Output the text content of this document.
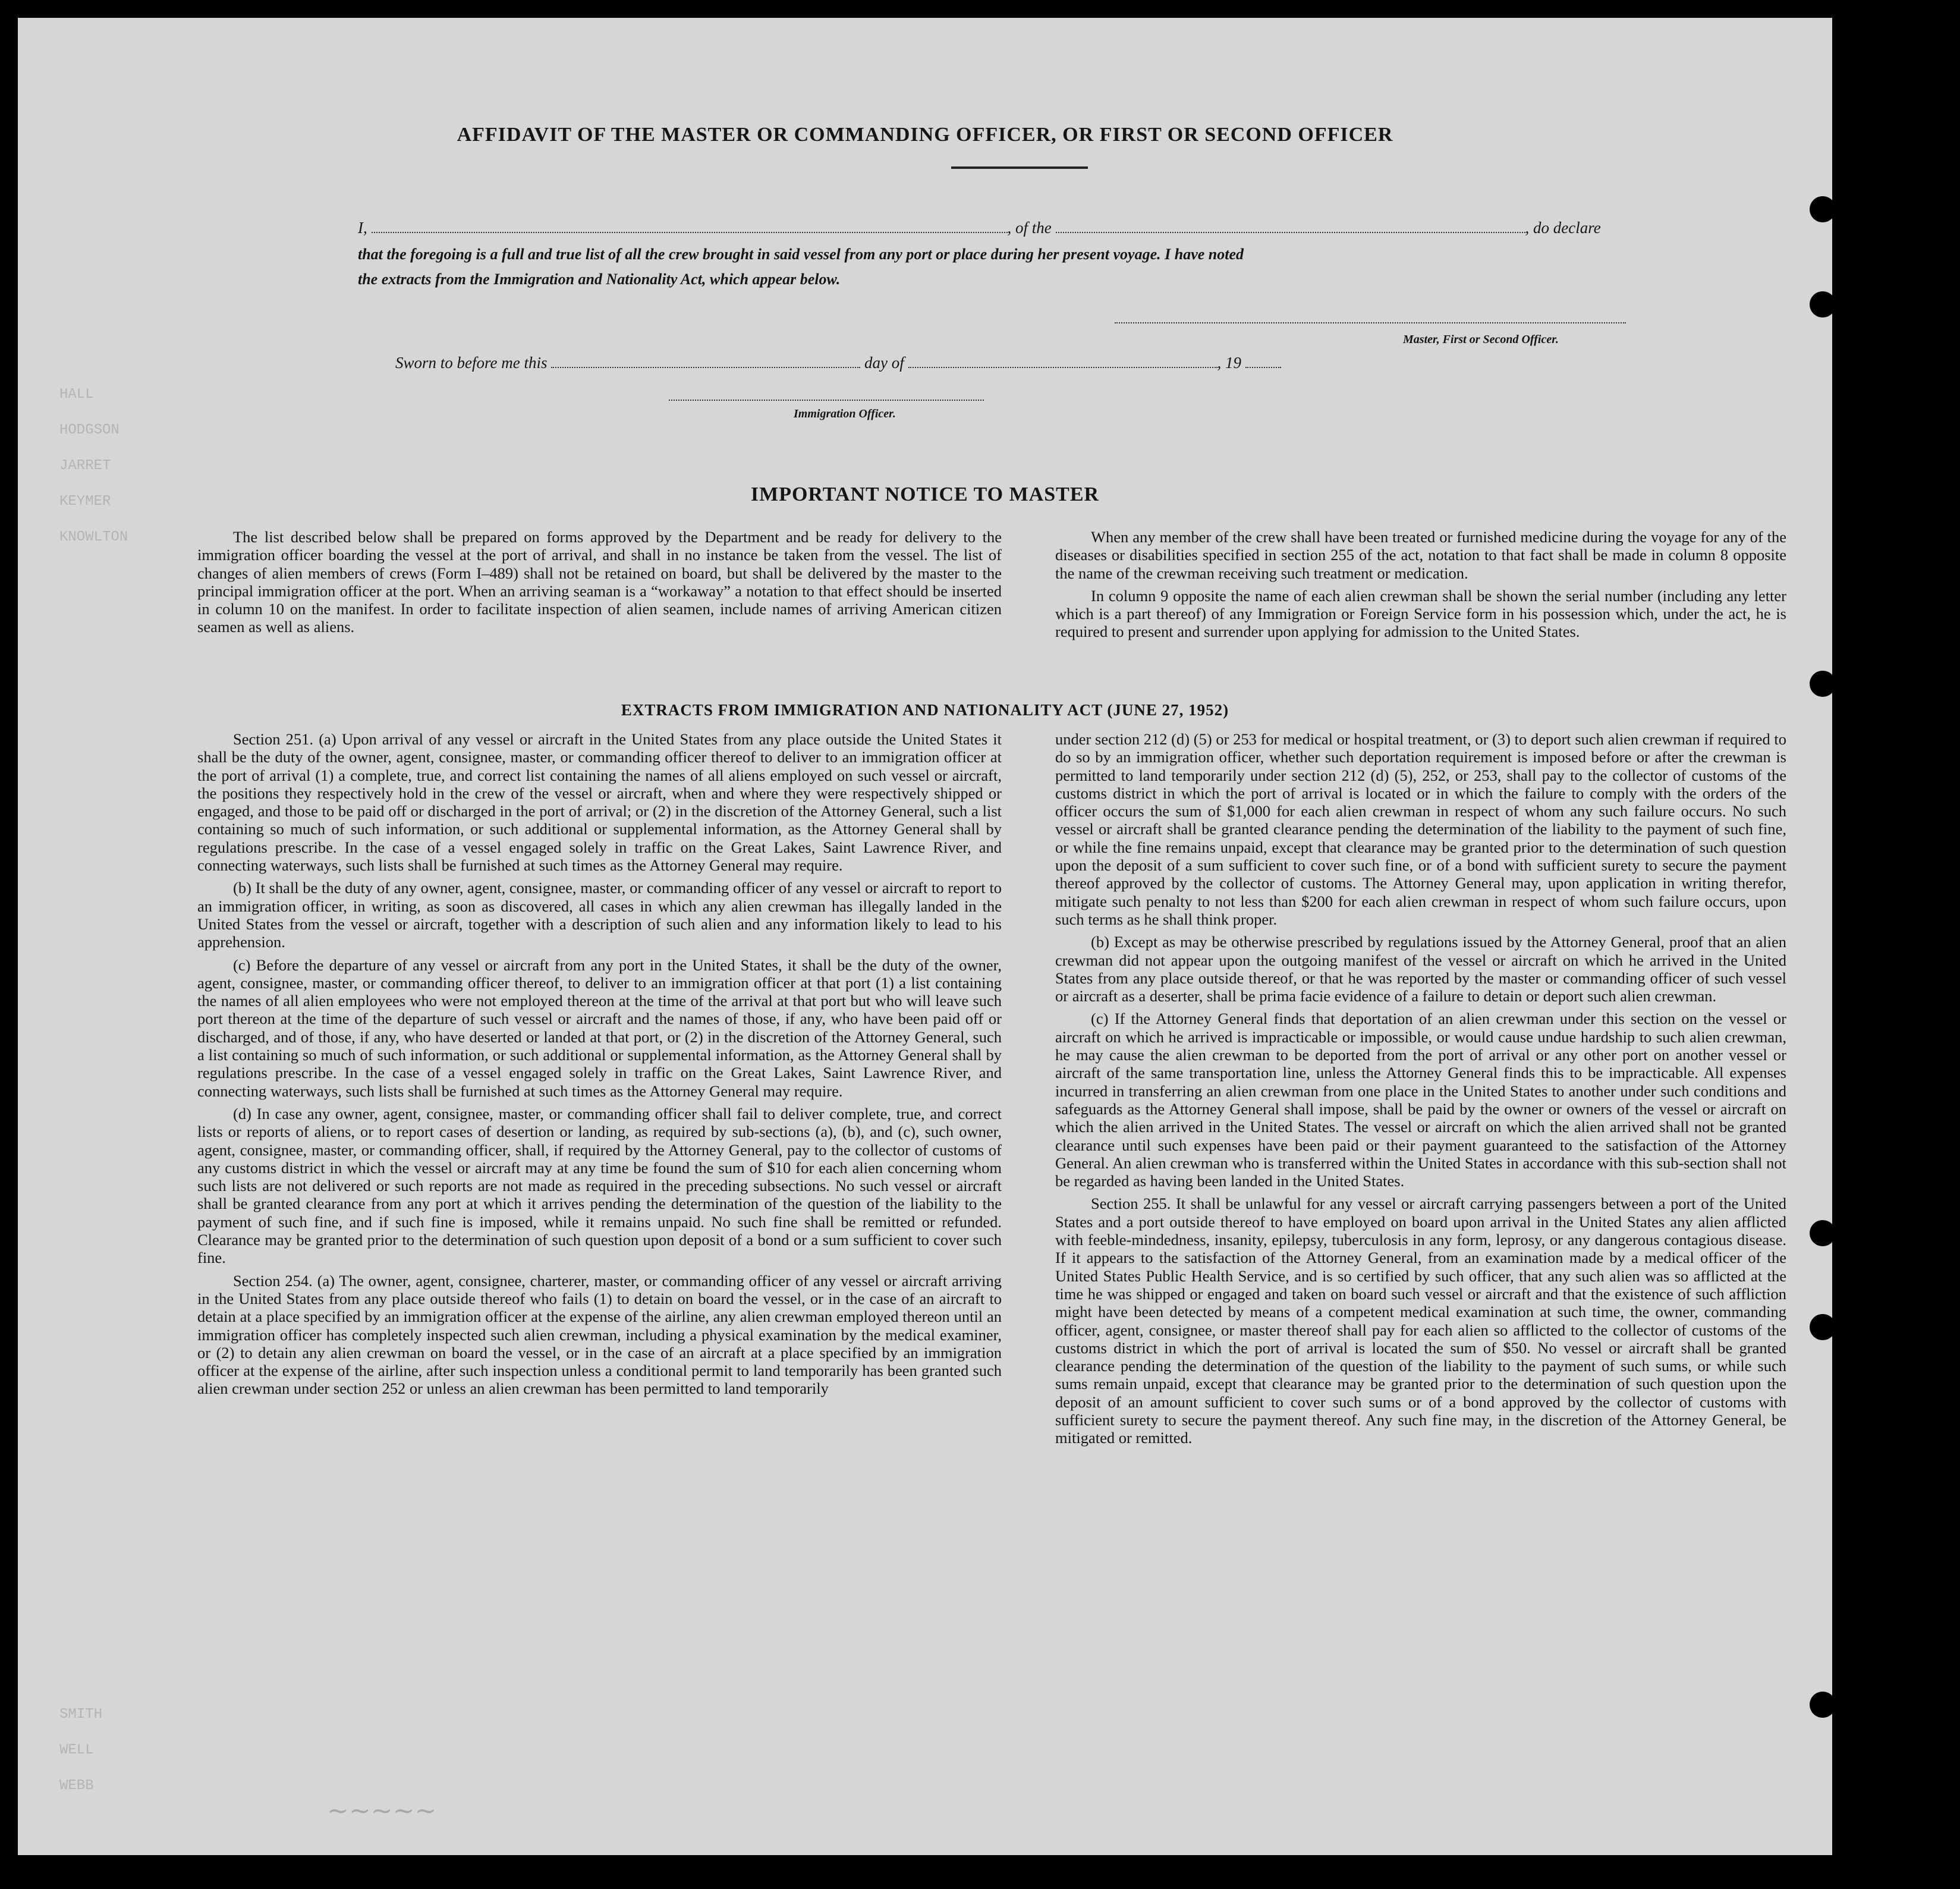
HALL
HODGSON
JARRET
KEYMER
KNOWLTON
SMITH
WELL
WEBB
~~~~~
AFFIDAVIT OF THE MASTER OR COMMANDING OFFICER, OR FIRST OR SECOND OFFICER
I,	, of the	, do declare
that the foregoing is a full and true list of all the crew brought in said vessel from any port or place during her present voyage. I have noted
the extracts from the Immigration and Nationality Act, which appear below.
Master, First or Second Officer.
Sworn to before me this	day of	, 19
Immigration Officer.
IMPORTANT NOTICE TO MASTER

The list described below shall be prepared on forms approved by the Department and be ready for delivery to the immigration officer boarding the vessel at the port of arrival, and shall in no instance be taken from the vessel. The list of changes of alien members of crews (Form I–489) shall not be retained on board, but shall be delivered by the master to the principal immigration officer at the port. When an arriving seaman is a “workaway” a notation to that effect should be inserted in column 10 on the manifest. In order to facilitate inspection of alien seamen, include names of arriving American citizen seamen as well as aliens.

When any member of the crew shall have been treated or furnished medicine during the voyage for any of the diseases or disabilities specified in section 255 of the act, notation to that fact shall be made in column 8 opposite the name of the crewman receiving such treatment or medication.

In column 9 opposite the name of each alien crewman shall be shown the serial number (including any letter which is a part thereof) of any Immigration or Foreign Service form in his possession which, under the act, he is required to present and surrender upon applying for admission to the United States.

EXTRACTS FROM IMMIGRATION AND NATIONALITY ACT (JUNE 27, 1952)

Section 251. (a) Upon arrival of any vessel or aircraft in the United States from any place outside the United States it shall be the duty of the owner, agent, consignee, master, or commanding officer thereof to deliver to an immigration officer at the port of arrival (1) a complete, true, and correct list containing the names of all aliens employed on such vessel or aircraft, the positions they respectively hold in the crew of the vessel or aircraft, when and where they were respectively shipped or engaged, and those to be paid off or discharged in the port of arrival; or (2) in the discretion of the Attorney General, such a list containing so much of such information, or such additional or supplemental information, as the Attorney General shall by regulations prescribe. In the case of a vessel engaged solely in traffic on the Great Lakes, Saint Lawrence River, and connecting waterways, such lists shall be furnished at such times as the Attorney General may require.

(b) It shall be the duty of any owner, agent, consignee, master, or commanding officer of any vessel or aircraft to report to an immigration officer, in writing, as soon as discovered, all cases in which any alien crewman has illegally landed in the United States from the vessel or aircraft, together with a description of such alien and any information likely to lead to his apprehension.

(c) Before the departure of any vessel or aircraft from any port in the United States, it shall be the duty of the owner, agent, consignee, master, or commanding officer thereof, to deliver to an immigration officer at that port (1) a list containing the names of all alien employees who were not employed thereon at the time of the arrival at that port but who will leave such port thereon at the time of the departure of such vessel or aircraft and the names of those, if any, who have been paid off or discharged, and of those, if any, who have deserted or landed at that port, or (2) in the discretion of the Attorney General, such a list containing so much of such information, or such additional or supplemental information, as the Attorney General shall by regulations prescribe. In the case of a vessel engaged solely in traffic on the Great Lakes, Saint Lawrence River, and connecting waterways, such lists shall be furnished at such times as the Attorney General may require.

(d) In case any owner, agent, consignee, master, or commanding officer shall fail to deliver complete, true, and correct lists or reports of aliens, or to report cases of desertion or landing, as required by sub-sections (a), (b), and (c), such owner, agent, consignee, master, or commanding officer, shall, if required by the Attorney General, pay to the collector of customs of any customs district in which the vessel or aircraft may at any time be found the sum of $10 for each alien concerning whom such lists are not delivered or such reports are not made as required in the preceding subsections. No such vessel or aircraft shall be granted clearance from any port at which it arrives pending the determination of the question of the liability to the payment of such fine, and if such fine is imposed, while it remains unpaid. No such fine shall be remitted or refunded. Clearance may be granted prior to the determination of such question upon deposit of a bond or a sum sufficient to cover such fine.

Section 254. (a) The owner, agent, consignee, charterer, master, or commanding officer of any vessel or aircraft arriving in the United States from any place outside thereof who fails (1) to detain on board the vessel, or in the case of an aircraft to detain at a place specified by an immigration officer at the expense of the airline, any alien crewman employed thereon until an immigration officer has completely inspected such alien crewman, including a physical examination by the medical examiner, or (2) to detain any alien crewman on board the vessel, or in the case of an aircraft at a place specified by an immigration officer at the expense of the airline, after such inspection unless a conditional permit to land temporarily has been granted such alien crewman under section 252 or unless an alien crewman has been permitted to land temporarily

under section 212 (d) (5) or 253 for medical or hospital treatment, or (3) to deport such alien crewman if required to do so by an immigration officer, whether such deportation requirement is imposed before or after the crewman is permitted to land temporarily under section 212 (d) (5), 252, or 253, shall pay to the collector of customs of the customs district in which the port of arrival is located or in which the failure to comply with the orders of the officer occurs the sum of $1,000 for each alien crewman in respect of whom any such failure occurs. No such vessel or aircraft shall be granted clearance pending the determination of the liability to the payment of such fine, or while the fine remains unpaid, except that clearance may be granted prior to the determination of such question upon the deposit of a sum sufficient to cover such fine, or of a bond with sufficient surety to secure the payment thereof approved by the collector of customs. The Attorney General may, upon application in writing therefor, mitigate such penalty to not less than $200 for each alien crewman in respect of whom such failure occurs, upon such terms as he shall think proper.

(b) Except as may be otherwise prescribed by regulations issued by the Attorney General, proof that an alien crewman did not appear upon the outgoing manifest of the vessel or aircraft on which he arrived in the United States from any place outside thereof, or that he was reported by the master or commanding officer of such vessel or aircraft as a deserter, shall be prima facie evidence of a failure to detain or deport such alien crewman.

(c) If the Attorney General finds that deportation of an alien crewman under this section on the vessel or aircraft on which he arrived is impracticable or impossible, or would cause undue hardship to such alien crewman, he may cause the alien crewman to be deported from the port of arrival or any other port on another vessel or aircraft of the same transportation line, unless the Attorney General finds this to be impracticable. All expenses incurred in transferring an alien crewman from one place in the United States to another under such conditions and safeguards as the Attorney General shall impose, shall be paid by the owner or owners of the vessel or aircraft on which the alien arrived in the United States. The vessel or aircraft on which the alien arrived shall not be granted clearance until such expenses have been paid or their payment guaranteed to the satisfaction of the Attorney General. An alien crewman who is transferred within the United States in accordance with this sub-section shall not be regarded as having been landed in the United States.

Section 255. It shall be unlawful for any vessel or aircraft carrying passengers between a port of the United States and a port outside thereof to have employed on board upon arrival in the United States any alien afflicted with feeble-mindedness, insanity, epilepsy, tuberculosis in any form, leprosy, or any dangerous contagious disease. If it appears to the satisfaction of the Attorney General, from an examination made by a medical officer of the United States Public Health Service, and is so certified by such officer, that any such alien was so afflicted at the time he was shipped or engaged and taken on board such vessel or aircraft and that the existence of such affliction might have been detected by means of a competent medical examination at such time, the owner, commanding officer, agent, consignee, or master thereof shall pay for each alien so afflicted to the collector of customs of the customs district in which the port of arrival is located the sum of $50. No vessel or aircraft shall be granted clearance pending the determination of the question of the liability to the payment of such sums, or while such sums remain unpaid, except that clearance may be granted prior to the determination of such question upon the deposit of an amount sufficient to cover such sums or of a bond approved by the collector of customs with sufficient surety to secure the payment thereof. Any such fine may, in the discretion of the Attorney General, be mitigated or remitted.
